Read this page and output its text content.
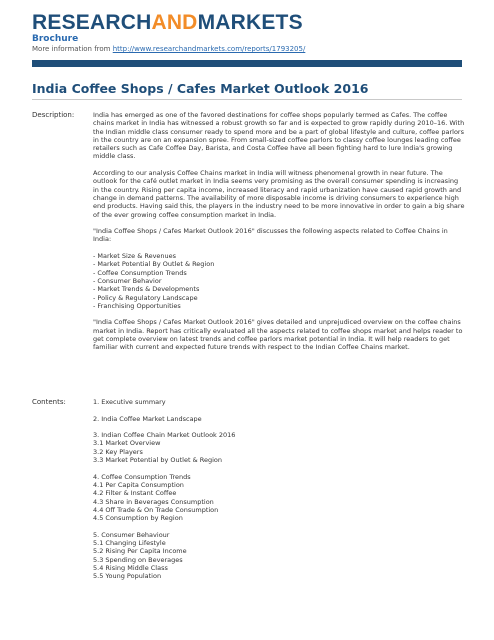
RESEARCHANDMARKETS
Brochure
More information from http://www.researchandmarkets.com/reports/1793205/
India Coffee Shops / Cafes Market Outlook 2016
Description:	India has emerged as one of the favored destinations for coffee shops popularly termed as Cafes. The coffee chains market in India has witnessed a robust growth so far and is expected to grow rapidly during 2010–16. With the Indian middle class consumer ready to spend more and be a part of global lifestyle and culture, coffee parlors in the country are on an expansion spree. From small-sized coffee parlors to classy coffee lounges leading coffee retailers such as Cafe Coffee Day, Barista, and Costa Coffee have all been fighting hard to lure India's growing middle class.

According to our analysis Coffee Chains market in India will witness phenomenal growth in near future. The outlook for the café outlet market in India seems very promising as the overall consumer spending is increasing in the country. Rising per capita income, increased literacy and rapid urbanization have caused rapid growth and change in demand patterns. The availability of more disposable income is driving consumers to experience high end products. Having said this, the players in the industry need to be more innovative in order to gain a big share of the ever growing coffee consumption market in India.

"India Coffee Shops / Cafes Market Outlook 2016" discusses the following aspects related to Coffee Chains in India:

- Market Size & Revenues
- Market Potential By Outlet & Region
- Coffee Consumption Trends
- Consumer Behavior
- Market Trends & Developments
- Policy & Regulatory Landscape
- Franchising Opportunities

"India Coffee Shops / Cafes Market Outlook 2016" gives detailed and unprejudiced overview on the coffee chains market in India. Report has critically evaluated all the aspects related to coffee shops market and helps reader to get complete overview on latest trends and coffee parlors market potential in India. It will help readers to get familiar with current and expected future trends with respect to the Indian Coffee Chains market.

Contents:	1. Executive summary
2. India Coffee Market Landscape
3. Indian Coffee Chain Market Outlook 2016
3.1 Market Overview
3.2 Key Players
3.3 Market Potential by Outlet & Region
4. Coffee Consumption Trends
4.1 Per Capita Consumption
4.2 Filter & Instant Coffee
4.3 Share in Beverages Consumption
4.4 Off Trade & On Trade Consumption
4.5 Consumption by Region
5. Consumer Behaviour
5.1 Changing Lifestyle
5.2 Rising Per Capita Income
5.3 Spending on Beverages
5.4 Rising Middle Class
5.5 Young Population
